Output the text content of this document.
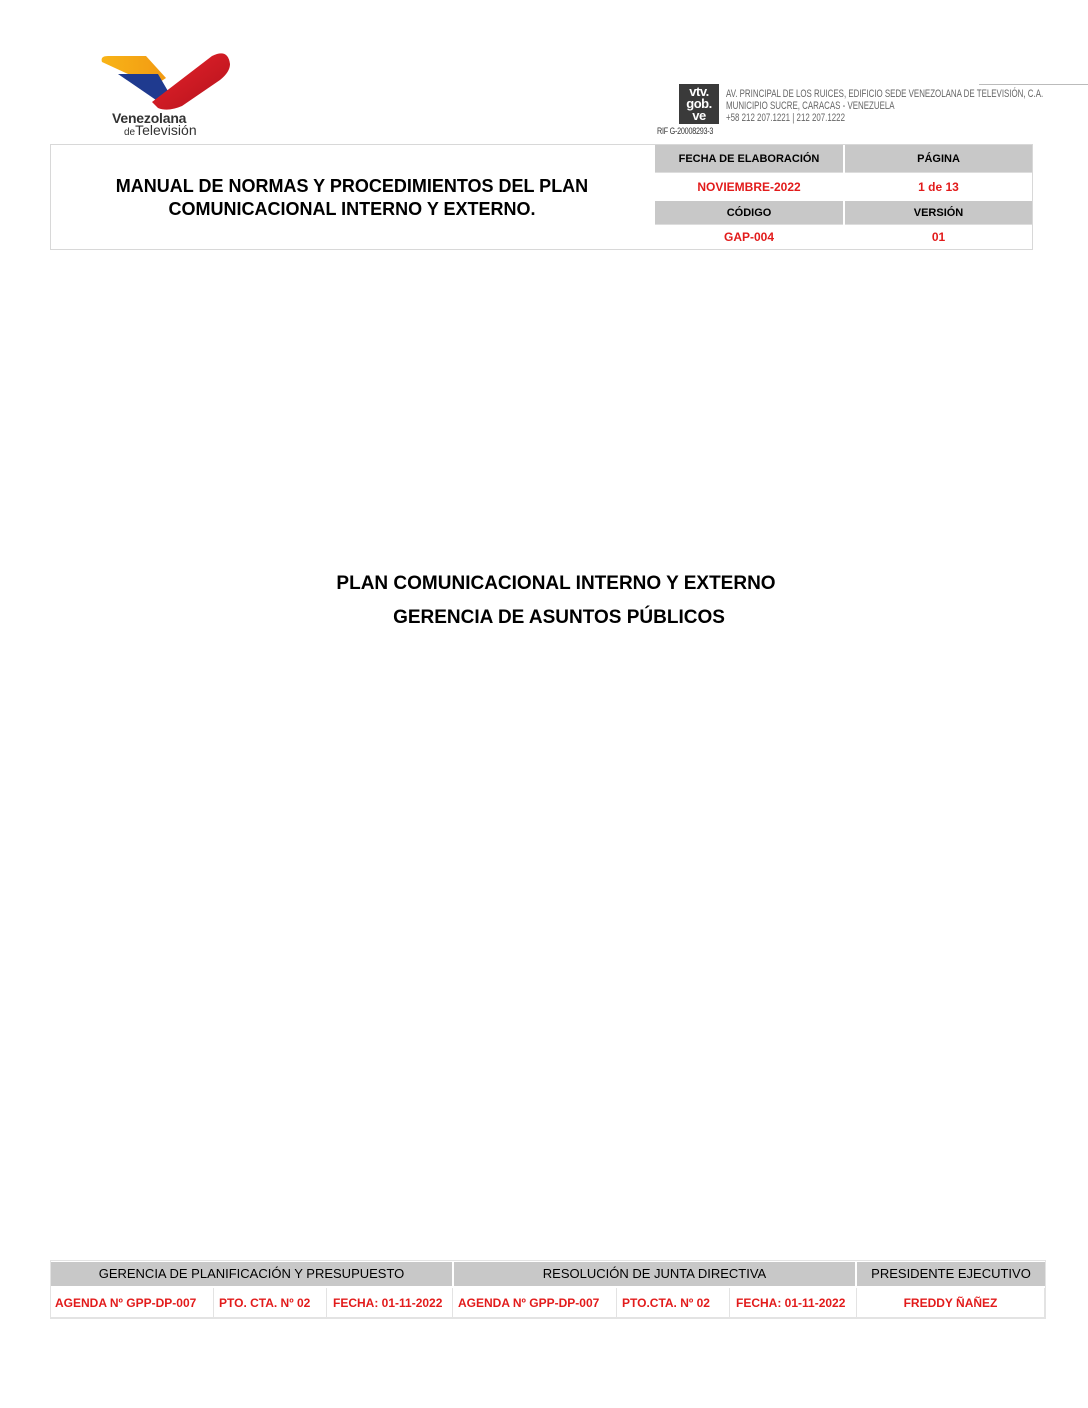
Venezolana
deTelevisión
vtv.
gob.
ve
RIF G-20008293-3
AV. PRINCIPAL DE LOS RUICES, EDIFICIO SEDE VENEZOLANA DE TELEVISIÓN, C.A.
MUNICIPIO SUCRE, CARACAS - VENEZUELA
+58 212 207.1221 | 212 207.1222
MANUAL DE NORMAS Y PROCEDIMIENTOS DEL PLAN
COMUNICACIONAL INTERNO Y EXTERNO.
FECHA DE ELABORACIÓN	PÁGINA
NOVIEMBRE-2022	1 de 13
CÓDIGO	VERSIÓN
GAP-004	01
PLAN COMUNICACIONAL INTERNO Y EXTERNO
GERENCIA DE ASUNTOS PÚBLICOS
GERENCIA DE PLANIFICACIÓN Y PRESUPUESTO	RESOLUCIÓN DE JUNTA DIRECTIVA	PRESIDENTE EJECUTIVO
AGENDA Nº GPP-DP-007	PTO. CTA. Nº 02	FECHA: 01-11-2022	AGENDA Nº GPP-DP-007	PTO.CTA. Nº 02	FECHA: 01-11-2022	FREDDY ÑAÑEZ
